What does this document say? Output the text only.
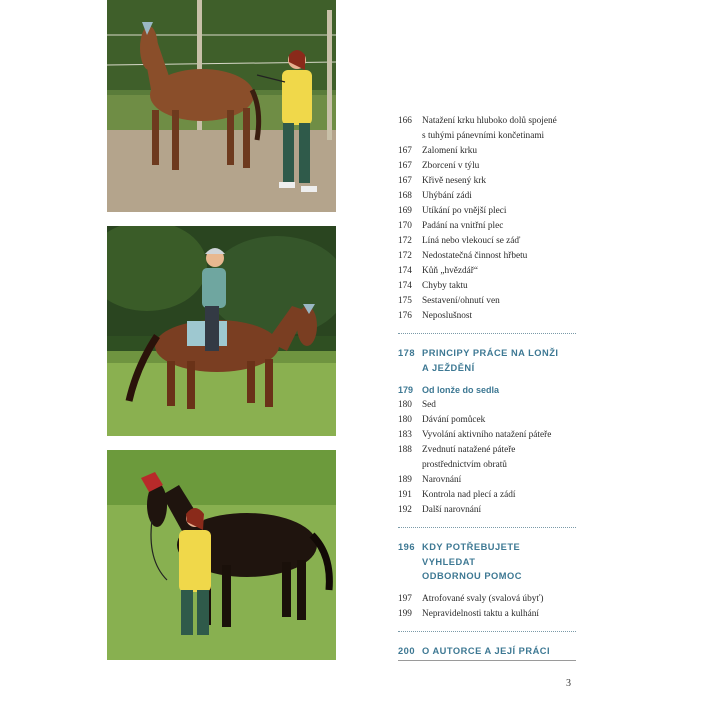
166	Natažení krku hluboko dolů spojené
s tuhými pánevními končetinami
167	Zalomení krku
167	Zborcení v týlu
167	Křivě nesený krk
168	Uhýbání zádi
169	Utíkání po vnější pleci
170	Padání na vnitřní plec
172	Líná nebo vlekoucí se záď
172	Nedostatečná činnost hřbetu
174	Kůň „hvězdář“
174	Chyby taktu
175	Sestavení/ohnutí ven
176	Neposlušnost
178 PRINCIPY PRÁCE NA LONŽI
A JEŽDĚNÍ
179 Od lonže do sedla
180	Sed
180	Dávání pomůcek
183	Vyvolání aktivního natažení páteře
188	Zvednutí natažené páteře
prostřednictvím obratů
189	Narovnání
191	Kontrola nad plecí a zádí
192	Další narovnání
196 KDY POTŘEBUJETE VYHLEDAT
ODBORNOU POMOC
197	Atrofované svaly (svalová úbyť)
199	Nepravidelnosti taktu a kulhání
200 O AUTORCE A JEJÍ PRÁCI
3
